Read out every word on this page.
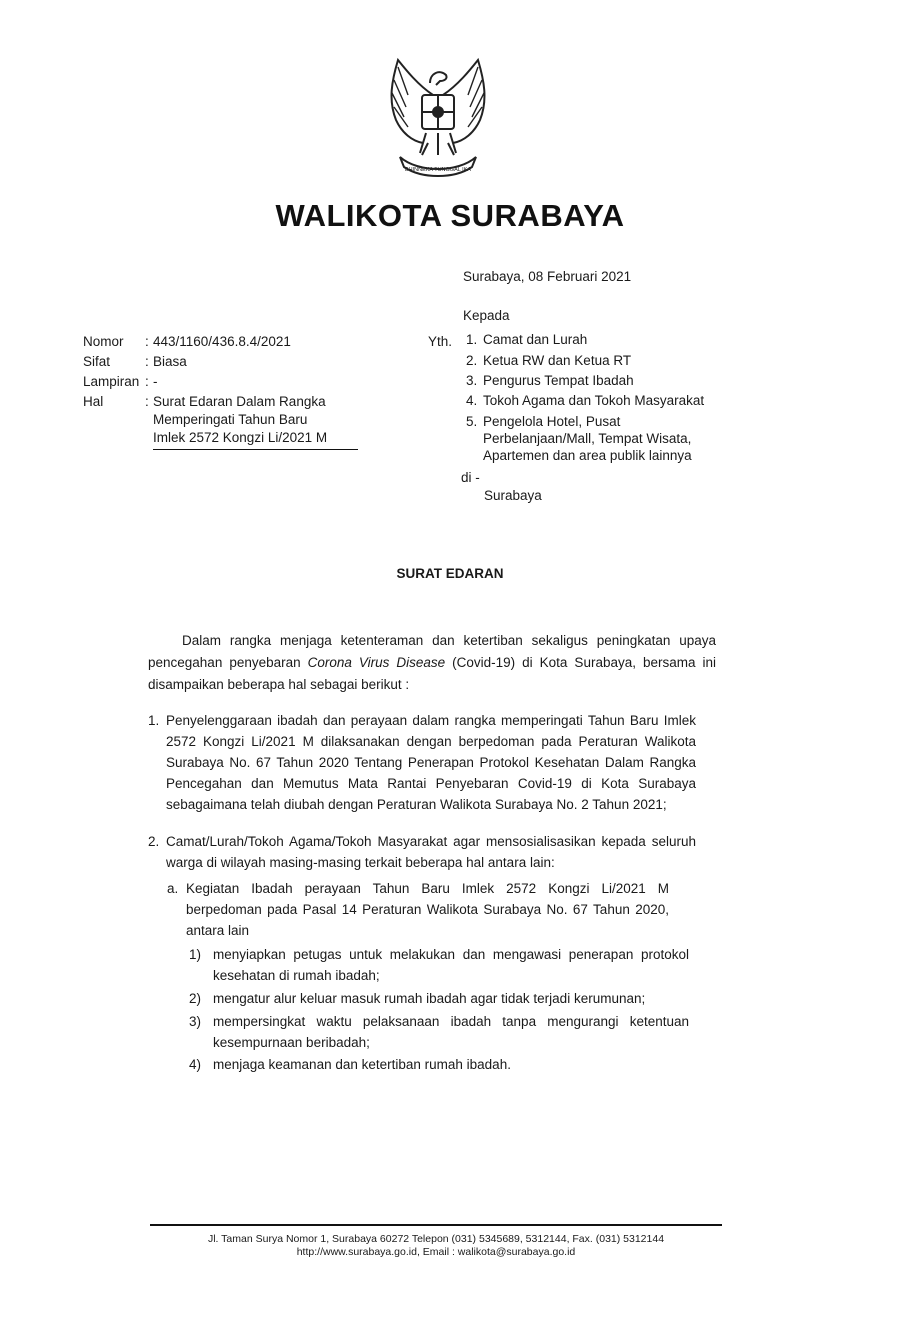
BHINNEKA TUNGGAL IKA
WALIKOTA SURABAYA
Surabaya, 08 Februari 2021
Kepada
Nomor	: 443/1160/436.8.4/2021
Sifat	: Biasa
Lampiran : -
Hal	: Surat Edaran Dalam Rangka
Memperingati Tahun Baru
Imlek 2572 Kongzi Li/2021 M
Yth. 1. Camat dan Lurah
2. Ketua RW dan Ketua RT
3. Pengurus Tempat Ibadah
4. Tokoh Agama dan Tokoh Masyarakat
5. Pengelola Hotel, Pusat
Perbelanjaan/Mall, Tempat Wisata,
Apartemen dan area publik lainnya
di -
Surabaya
SURAT EDARAN
Dalam rangka menjaga ketenteraman dan ketertiban sekaligus peningkatan upaya pencegahan penyebaran Corona Virus Disease (Covid-19) di Kota Surabaya, bersama ini disampaikan beberapa hal sebagai berikut :
1. Penyelenggaraan ibadah dan perayaan dalam rangka memperingati Tahun Baru Imlek 2572 Kongzi Li/2021 M dilaksanakan dengan berpedoman pada Peraturan Walikota Surabaya No. 67 Tahun 2020 Tentang Penerapan Protokol Kesehatan Dalam Rangka Pencegahan dan Memutus Mata Rantai Penyebaran Covid-19 di Kota Surabaya sebagaimana telah diubah dengan Peraturan Walikota Surabaya No. 2 Tahun 2021;
2. Camat/Lurah/Tokoh Agama/Tokoh Masyarakat agar mensosialisasikan kepada seluruh warga di wilayah masing-masing terkait beberapa hal antara lain:
a. Kegiatan Ibadah perayaan Tahun Baru Imlek 2572 Kongzi Li/2021 M berpedoman pada Pasal 14 Peraturan Walikota Surabaya No. 67 Tahun 2020, antara lain
1) menyiapkan petugas untuk melakukan dan mengawasi penerapan protokol kesehatan di rumah ibadah;
2) mengatur alur keluar masuk rumah ibadah agar tidak terjadi kerumunan;
3) mempersingkat waktu pelaksanaan ibadah tanpa mengurangi ketentuan kesempurnaan beribadah;
4) menjaga keamanan dan ketertiban rumah ibadah.
Jl. Taman Surya Nomor 1, Surabaya 60272 Telepon (031) 5345689, 5312144, Fax. (031) 5312144
http://www.surabaya.go.id, Email : walikota@surabaya.go.id
